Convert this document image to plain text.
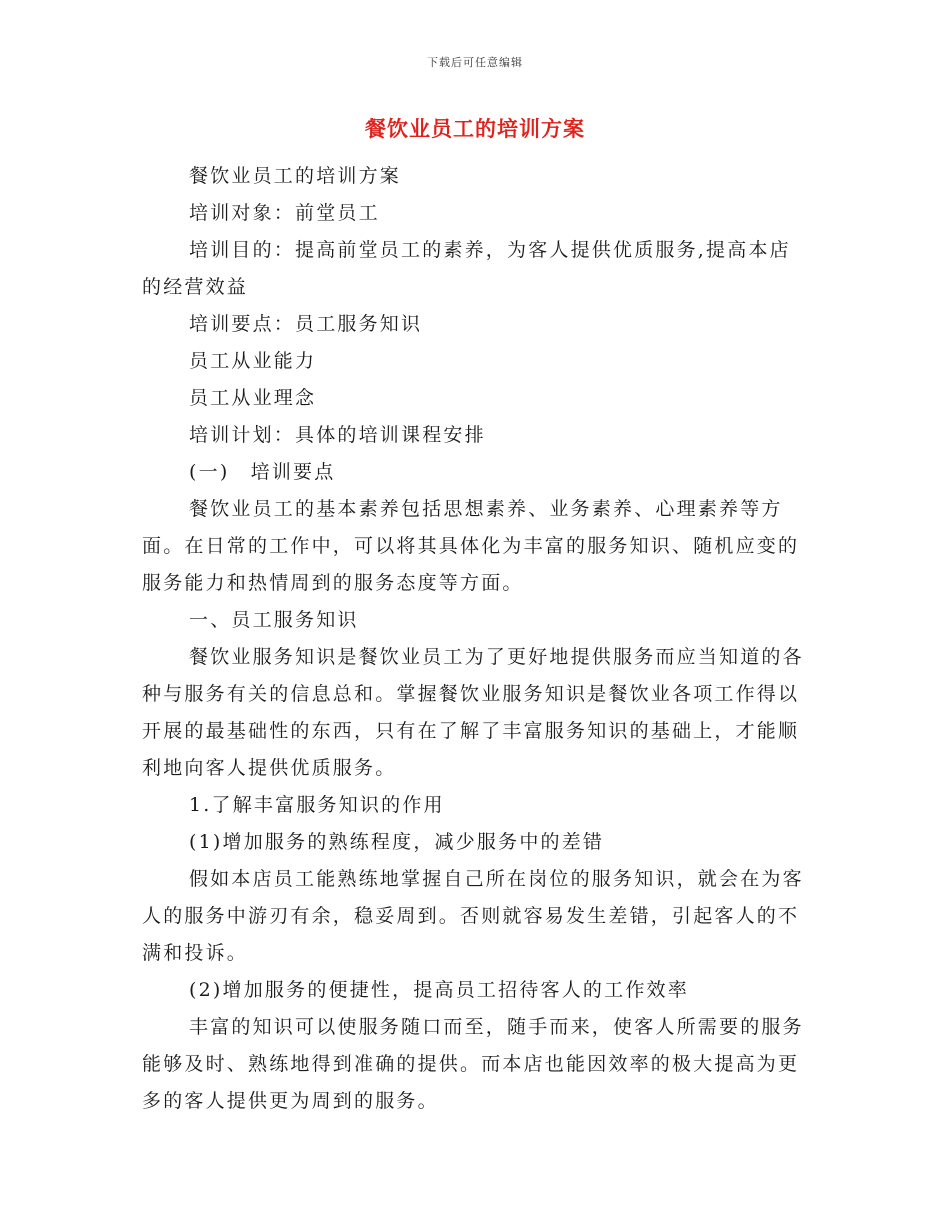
下载后可任意编辑
餐饮业员工的培训方案

餐饮业员工的培训方案

培训对象：前堂员工

培训目的：提高前堂员工的素养，为客人提供优质服务,提高本店的经营效益

培训要点：员工服务知识

员工从业能力

员工从业理念

培训计划：具体的培训课程安排

(一)　培训要点

餐饮业员工的基本素养包括思想素养、业务素养、心理素养等方面。在日常的工作中，可以将其具体化为丰富的服务知识、随机应变的服务能力和热情周到的服务态度等方面。

一、员工服务知识

餐饮业服务知识是餐饮业员工为了更好地提供服务而应当知道的各种与服务有关的信息总和。掌握餐饮业服务知识是餐饮业各项工作得以开展的最基础性的东西，只有在了解了丰富服务知识的基础上，才能顺利地向客人提供优质服务。

1.了解丰富服务知识的作用

(1)增加服务的熟练程度，减少服务中的差错

假如本店员工能熟练地掌握自己所在岗位的服务知识，就会在为客人的服务中游刃有余，稳妥周到。否则就容易发生差错，引起客人的不满和投诉。

(2)增加服务的便捷性，提高员工招待客人的工作效率

丰富的知识可以使服务随口而至，随手而来，使客人所需要的服务能够及时、熟练地得到准确的提供。而本店也能因效率的极大提高为更多的客人提供更为周到的服务。
